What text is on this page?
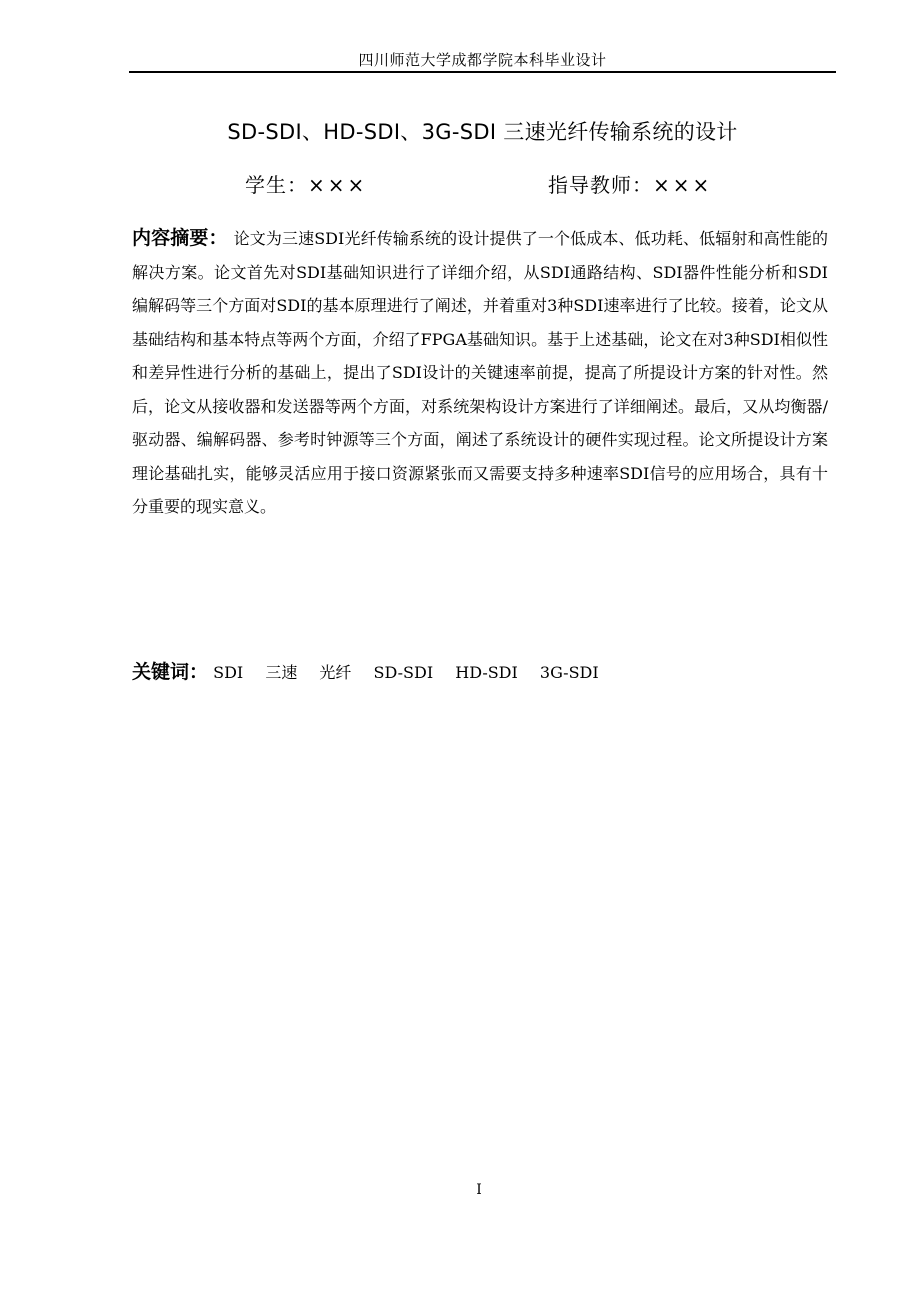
四川师范大学成都学院本科毕业设计
SD-SDI、HD-SDI、3G-SDI 三速光纤传输系统的设计
学生：×××	指导教师：×××

内容摘要： 论文为三速SDI光纤传输系统的设计提供了一个低成本、低功耗、低辐射和高性能的解决方案。论文首先对SDI基础知识进行了详细介绍，从SDI通路结构、SDI器件性能分析和SDI编解码等三个方面对SDI的基本原理进行了阐述，并着重对3种SDI速率进行了比较。接着，论文从基础结构和基本特点等两个方面，介绍了FPGA基础知识。基于上述基础，论文在对3种SDI相似性和差异性进行分析的基础上，提出了SDI设计的关键速率前提，提高了所提设计方案的针对性。然后，论文从接收器和发送器等两个方面，对系统架构设计方案进行了详细阐述。最后，又从均衡器/驱动器、编解码器、参考时钟源等三个方面，阐述了系统设计的硬件实现过程。论文所提设计方案理论基础扎实，能够灵活应用于接口资源紧张而又需要支持多种速率SDI信号的应用场合，具有十分重要的现实意义。

关键词： SDI 三速 光纤 SD-SDI HD-SDI 3G-SDI
I
